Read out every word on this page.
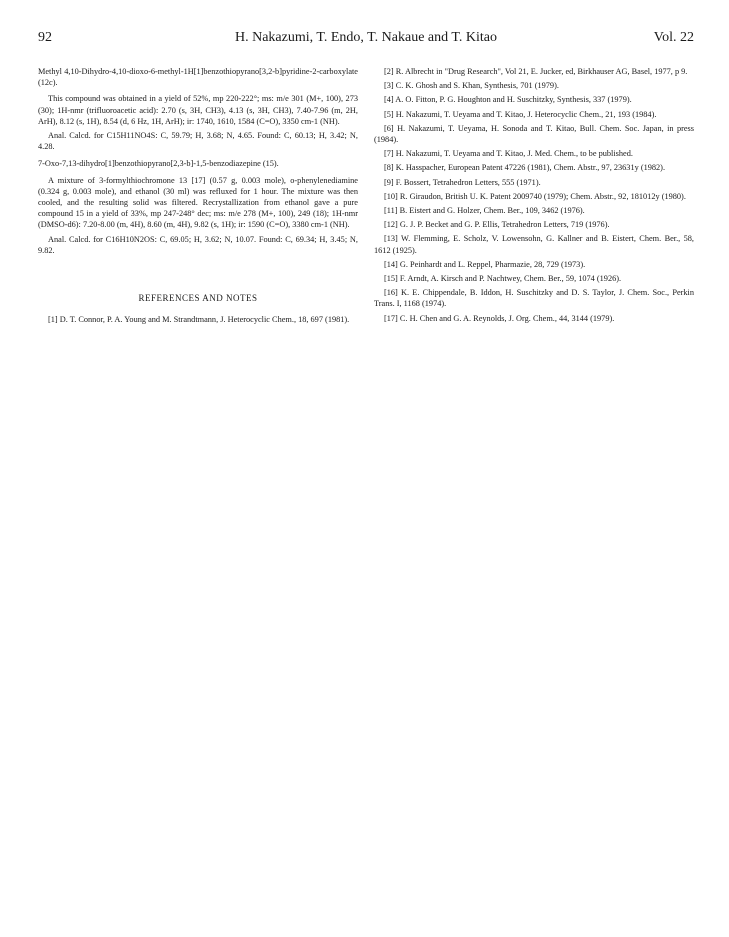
92	H. Nakazumi, T. Endo, T. Nakaue and T. Kitao	Vol. 22

Methyl 4,10-Dihydro-4,10-dioxo-6-methyl-1H[1]benzothiopyrano[3,2-b]pyridine-2-carboxylate (12c).

This compound was obtained in a yield of 52%, mp 220-222°; ms: m/e 301 (M+, 100), 273 (30); 1H-nmr (trifluoroacetic acid): 2.70 (s, 3H, CH3), 4.13 (s, 3H, CH3), 7.40-7.96 (m, 2H, ArH), 8.12 (s, 1H), 8.54 (d, 6 Hz, 1H, ArH); ir: 1740, 1610, 1584 (C=O), 3350 cm-1 (NH).

Anal. Calcd. for C15H11NO4S: C, 59.79; H, 3.68; N, 4.65. Found: C, 60.13; H, 3.42; N, 4.28.

7-Oxo-7,13-dihydro[1]benzothiopyrano[2,3-b]-1,5-benzodiazepine (15).

A mixture of 3-formylthiochromone 13 [17] (0.57 g, 0.003 mole), o-phenylenediamine (0.324 g, 0.003 mole), and ethanol (30 ml) was refluxed for 1 hour. The mixture was then cooled, and the resulting solid was filtered. Recrystallization from ethanol gave a pure compound 15 in a yield of 33%, mp 247-248° dec; ms: m/e 278 (M+, 100), 249 (18); 1H-nmr (DMSO-d6): 7.20-8.00 (m, 4H), 8.60 (m, 4H), 9.82 (s, 1H); ir: 1590 (C=O), 3380 cm-1 (NH).

Anal. Calcd. for C16H10N2OS: C, 69.05; H, 3.62; N, 10.07. Found: C, 69.34; H, 3.45; N, 9.82.

REFERENCES AND NOTES

[1] D. T. Connor, P. A. Young and M. Strandtmann, J. Heterocyclic Chem., 18, 697 (1981).

[2] R. Albrecht in "Drug Research", Vol 21, E. Jucker, ed, Birkhauser AG, Basel, 1977, p 9.

[3] C. K. Ghosh and S. Khan, Synthesis, 701 (1979).

[4] A. O. Fitton, P. G. Houghton and H. Suschitzky, Synthesis, 337 (1979).

[5] H. Nakazumi, T. Ueyama and T. Kitao, J. Heterocyclic Chem., 21, 193 (1984).

[6] H. Nakazumi, T. Ueyama, H. Sonoda and T. Kitao, Bull. Chem. Soc. Japan, in press (1984).

[7] H. Nakazumi, T. Ueyama and T. Kitao, J. Med. Chem., to be published.

[8] K. Hasspacher, European Patent 47226 (1981), Chem. Abstr., 97, 23631y (1982).

[9] F. Bossert, Tetrahedron Letters, 555 (1971).

[10] R. Giraudon, British U. K. Patent 2009740 (1979); Chem. Abstr., 92, 181012y (1980).

[11] B. Eistert and G. Holzer, Chem. Ber., 109, 3462 (1976).

[12] G. J. P. Becket and G. P. Ellis, Tetrahedron Letters, 719 (1976).

[13] W. Flemming, E. Scholz, V. Lowensohn, G. Kallner and B. Eistert, Chem. Ber., 58, 1612 (1925).

[14] G. Peinhardt and L. Reppel, Pharmazie, 28, 729 (1973).

[15] F. Arndt, A. Kirsch and P. Nachtwey, Chem. Ber., 59, 1074 (1926).

[16] K. E. Chippendale, B. Iddon, H. Suschitzky and D. S. Taylor, J. Chem. Soc., Perkin Trans. I, 1168 (1974).

[17] C. H. Chen and G. A. Reynolds, J. Org. Chem., 44, 3144 (1979).
